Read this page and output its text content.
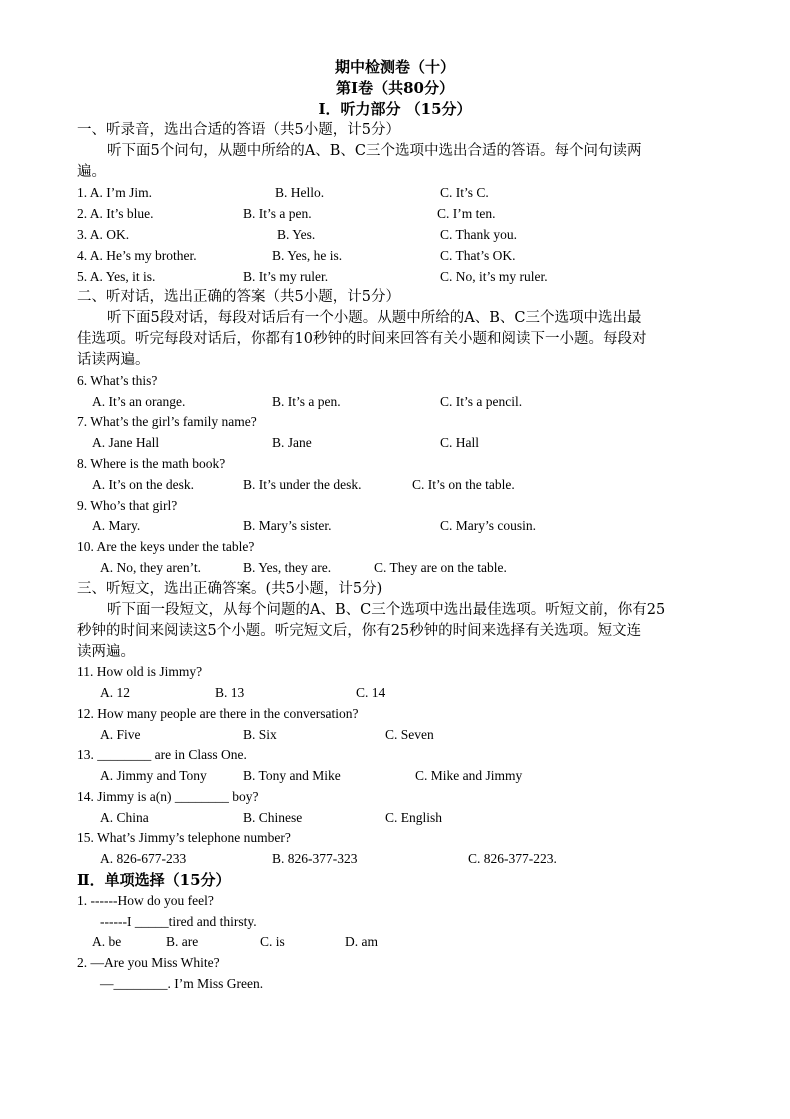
期中检测卷（十）
第Ⅰ卷（共80分）
Ⅰ．听力部分 （15分）
一、听录音，选出合适的答语（共5小题，计5分）
听下面5个问句，从题中所给的A、B、C三个选项中选出合适的答语。每个问句读两
遍。
1. A. I’m Jim.	B. Hello.	C. It’s C.
2. A. It’s blue.	B. It’s a pen.	C. I’m ten.
3. A. OK.	B. Yes.	C. Thank you.
4. A. He’s my brother.	B. Yes, he is.	C. That’s OK.
5. A. Yes, it is.	B. It’s my ruler.	C. No, it’s my ruler.
二、听对话，选出正确的答案（共5小题，计5分）
听下面5段对话，每段对话后有一个小题。从题中所给的A、B、C三个选项中选出最
佳选项。听完每段对话后，你都有10秒钟的时间来回答有关小题和阅读下一小题。每段对
话读两遍。
6. What’s this?
A. It’s an orange.	B. It’s a pen.	C. It’s a pencil.
7. What’s the girl’s family name?
A. Jane Hall	B. Jane	C. Hall
8. Where is the math book?
A. It’s on the desk.	B. It’s under the desk.	C. It’s on the table.
9. Who’s that girl?
A. Mary.	B. Mary’s sister.	C. Mary’s cousin.
10. Are the keys under the table?
A. No, they aren’t.	B. Yes, they are.	C. They are on the table.
三、听短文，选出正确答案。(共5小题，计5分)
听下面一段短文，从每个问题的A、B、C三个选项中选出最佳选项。听短文前，你有25
秒钟的时间来阅读这5个小题。听完短文后，你有25秒钟的时间来选择有关选项。短文连
读两遍。
11. How old is Jimmy?
A. 12	B. 13	C. 14
12. How many people are there in the conversation?
A. Five	B. Six	C. Seven
13. ________ are in Class One.
A. Jimmy and Tony	B. Tony and Mike	C. Mike and Jimmy
14. Jimmy is a(n) ________ boy?
A. China	B. Chinese	C. English
15. What’s Jimmy’s telephone number?
A. 826-677-233	B. 826-377-323	C. 826-377-223.
Ⅱ．单项选择（15分）
1. ------How do you feel?
------I _____tired and thirsty.
A. be	B. are	C. is	D. am
2. —Are you Miss White?
—________. I’m Miss Green.
